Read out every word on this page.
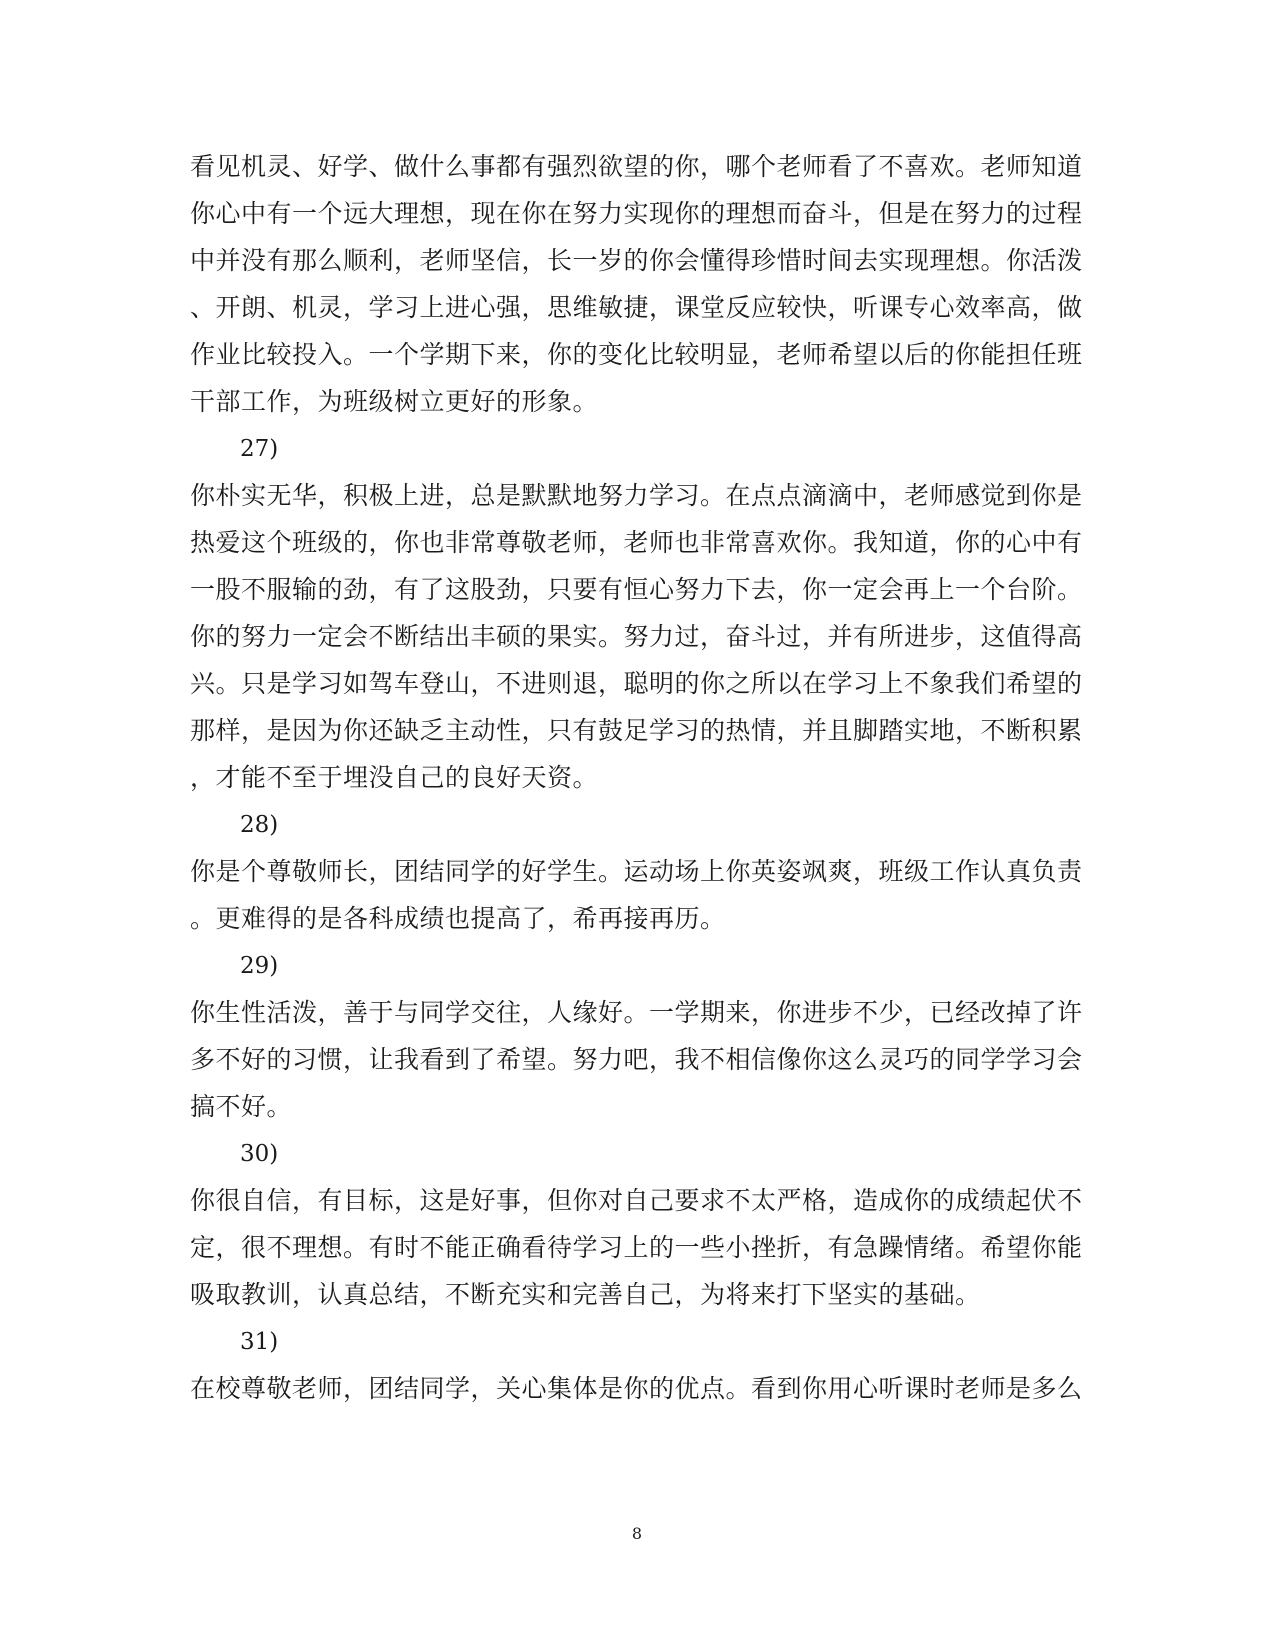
看见机灵、好学、做什么事都有强烈欲望的你，哪个老师看了不喜欢。老师知道
你心中有一个远大理想，现在你在努力实现你的理想而奋斗，但是在努力的过程
中并没有那么顺利，老师坚信，长一岁的你会懂得珍惜时间去实现理想。你活泼
、开朗、机灵，学习上进心强，思维敏捷，课堂反应较快，听课专心效率高，做
作业比较投入。一个学期下来，你的变化比较明显，老师希望以后的你能担任班
干部工作，为班级树立更好的形象。
27)
你朴实无华，积极上进，总是默默地努力学习。在点点滴滴中，老师感觉到你是
热爱这个班级的，你也非常尊敬老师，老师也非常喜欢你。我知道，你的心中有
一股不服输的劲，有了这股劲，只要有恒心努力下去，你一定会再上一个台阶。
你的努力一定会不断结出丰硕的果实。努力过，奋斗过，并有所进步，这值得高
兴。只是学习如驾车登山，不进则退，聪明的你之所以在学习上不象我们希望的
那样，是因为你还缺乏主动性，只有鼓足学习的热情，并且脚踏实地，不断积累
，才能不至于埋没自己的良好天资。
28)
你是个尊敬师长，团结同学的好学生。运动场上你英姿飒爽，班级工作认真负责
。更难得的是各科成绩也提高了，希再接再历。
29)
你生性活泼，善于与同学交往，人缘好。一学期来，你进步不少，已经改掉了许
多不好的习惯，让我看到了希望。努力吧，我不相信像你这么灵巧的同学学习会
搞不好。
30)
你很自信，有目标，这是好事，但你对自己要求不太严格，造成你的成绩起伏不
定，很不理想。有时不能正确看待学习上的一些小挫折，有急躁情绪。希望你能
吸取教训，认真总结，不断充实和完善自己，为将来打下坚实的基础。
31)
在校尊敬老师，团结同学，关心集体是你的优点。看到你用心听课时老师是多么
8
